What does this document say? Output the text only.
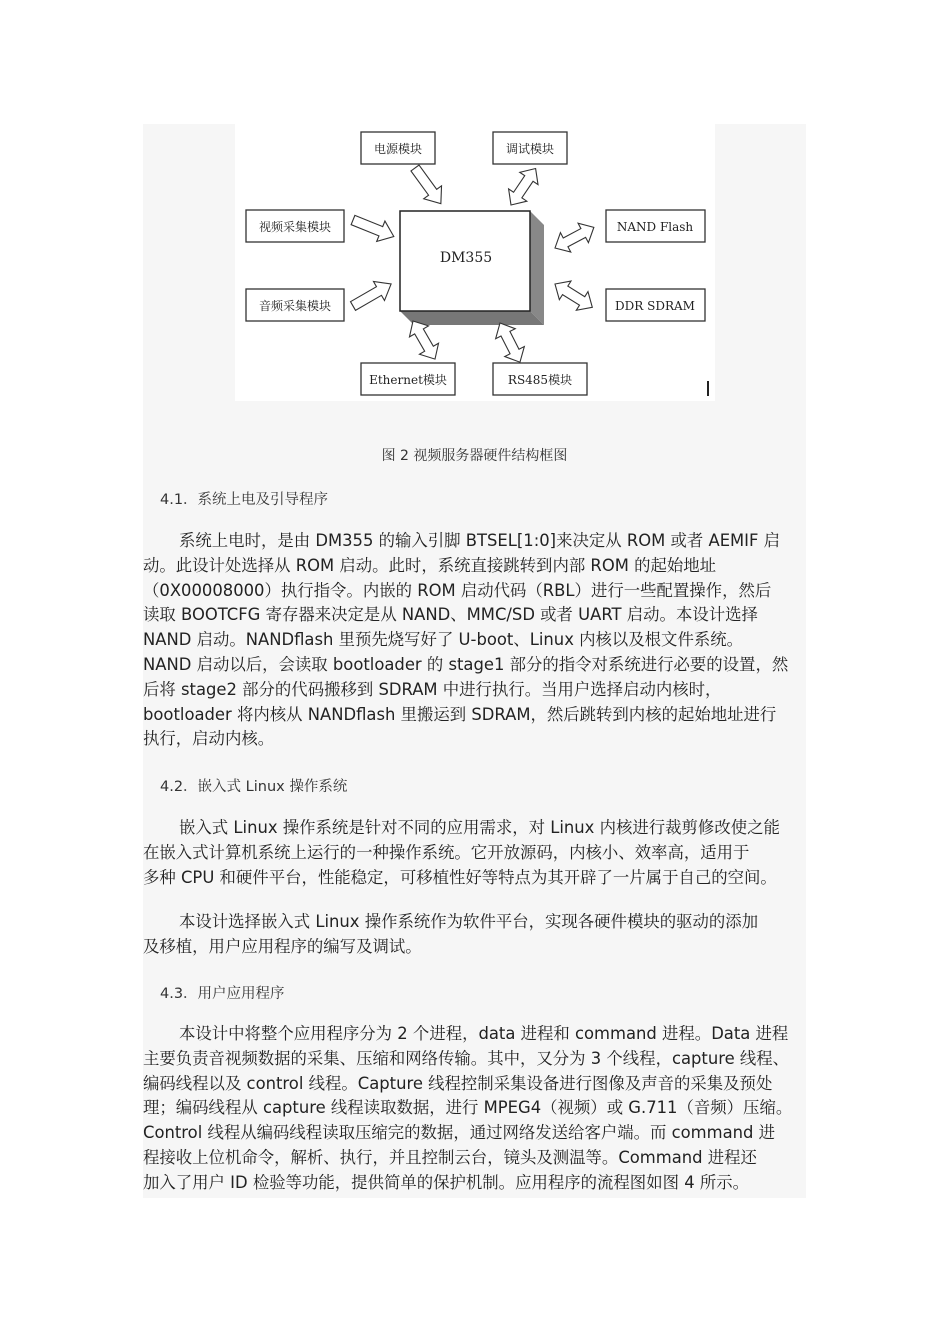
DM355
电源模块	调试模块
视频采集模块
音频采集模块
NAND Flash
DDR SDRAM
Ethernet模块	RS485模块
图 2 视频服务器硬件结构框图
4.1．系统上电及引导程序
系统上电时，是由 DM355 的输入引脚 BTSEL[1:0]来决定从 ROM 或者 AEMIF 启
动。此设计处选择从 ROM 启动。此时，系统直接跳转到内部 ROM 的起始地址
（0X00008000）执行指令。内嵌的 ROM 启动代码（RBL）进行一些配置操作，然后
读取 BOOTCFG 寄存器来决定是从 NAND、MMC/SD 或者 UART 启动。本设计选择
NAND 启动。NANDflash 里预先烧写好了 U-boot、Linux 内核以及根文件系统。
NAND 启动以后，会读取 bootloader 的 stage1 部分的指令对系统进行必要的设置，然
后将 stage2 部分的代码搬移到 SDRAM 中进行执行。当用户选择启动内核时，
bootloader 将内核从 NANDflash 里搬运到 SDRAM，然后跳转到内核的起始地址进行
执行，启动内核。
4.2．嵌入式 Linux 操作系统
嵌入式 Linux 操作系统是针对不同的应用需求，对 Linux 内核进行裁剪修改使之能
在嵌入式计算机系统上运行的一种操作系统。它开放源码，内核小、效率高，适用于
多种 CPU 和硬件平台，性能稳定，可移植性好等特点为其开辟了一片属于自己的空间。
本设计选择嵌入式 Linux 操作系统作为软件平台，实现各硬件模块的驱动的添加
及移植，用户应用程序的编写及调试。
4.3．用户应用程序
本设计中将整个应用程序分为 2 个进程，data 进程和 command 进程。Data 进程
主要负责音视频数据的采集、压缩和网络传输。其中，又分为 3 个线程，capture 线程、
编码线程以及 control 线程。Capture 线程控制采集设备进行图像及声音的采集及预处
理；编码线程从 capture 线程读取数据，进行 MPEG4（视频）或 G.711（音频）压缩。
Control 线程从编码线程读取压缩完的数据，通过网络发送给客户端。而 command 进
程接收上位机命令，解析、执行，并且控制云台，镜头及测温等。Command 进程还
加入了用户 ID 检验等功能，提供简单的保护机制。应用程序的流程图如图 4 所示。
